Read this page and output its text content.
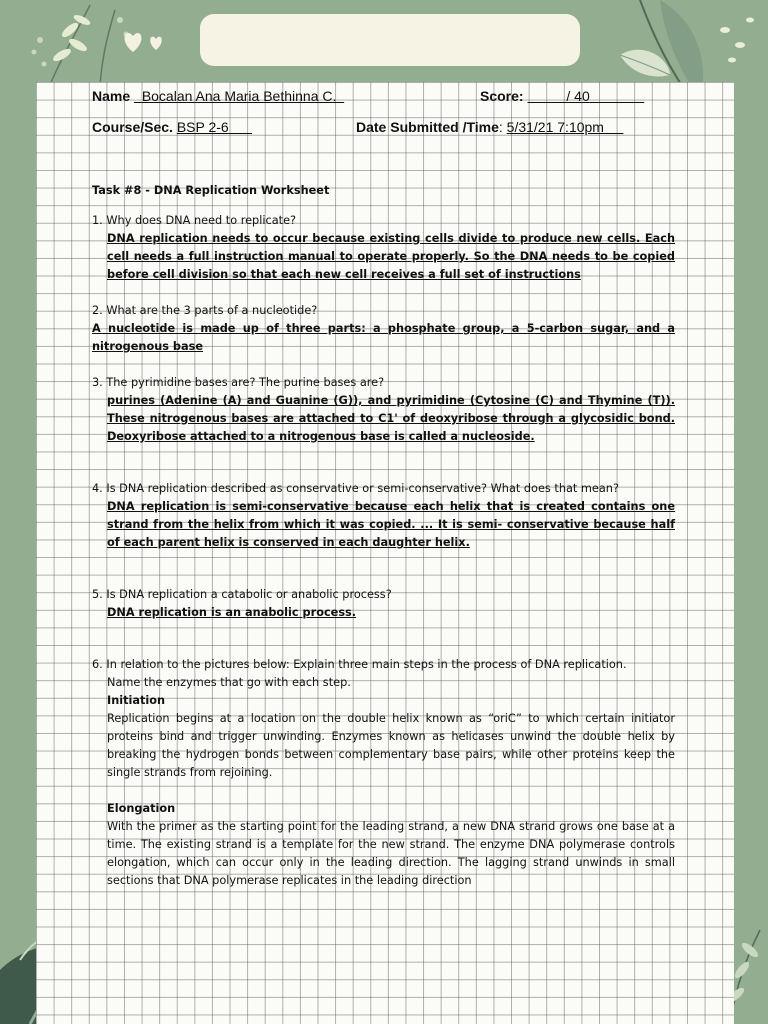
Name Bocalan Ana Maria Bethinna C.	Score:	/ 40
Course/Sec. BSP 2-6	Date Submitted /Time: 5/31/21 7:10pm

Task #8 - DNA Replication Worksheet

1. Why does DNA need to replicate?

DNA replication needs to occur because existing cells divide to produce new cells. Each cell needs a full instruction manual to operate properly. So the DNA needs to be copied before cell division so that each new cell receives a full set of instructions

2. What are the 3 parts of a nucleotide?

A nucleotide is made up of three parts: a phosphate group, a 5-carbon sugar, and a nitrogenous base

3. The pyrimidine bases are? The purine bases are?

purines (Adenine (A) and Guanine (G)), and pyrimidine (Cytosine (C) and Thymine (T)). These nitrogenous bases are attached to C1' of deoxyribose through a glycosidic bond. Deoxyribose attached to a nitrogenous base is called a nucleoside.

4. Is DNA replication described as conservative or semi-conservative? What does that mean?

DNA replication is semi-conservative because each helix that is created contains one strand from the helix from which it was copied. ... It is semi- conservative because half of each parent helix is conserved in each daughter helix.

5. Is DNA replication a catabolic or anabolic process?

DNA replication is an anabolic process.

6. In relation to the pictures below: Explain three main steps in the process of DNA replication.

Name the enzymes that go with each step.

Initiation

Replication begins at a location on the double helix known as “oriC” to which certain initiator proteins bind and trigger unwinding. Enzymes known as helicases unwind the double helix by breaking the hydrogen bonds between complementary base pairs, while other proteins keep the single strands from rejoining.

Elongation

With the primer as the starting point for the leading strand, a new DNA strand grows one base at a time. The existing strand is a template for the new strand. The enzyme DNA polymerase controls elongation, which can occur only in the leading direction. The lagging strand unwinds in small sections that DNA polymerase replicates in the leading direction
